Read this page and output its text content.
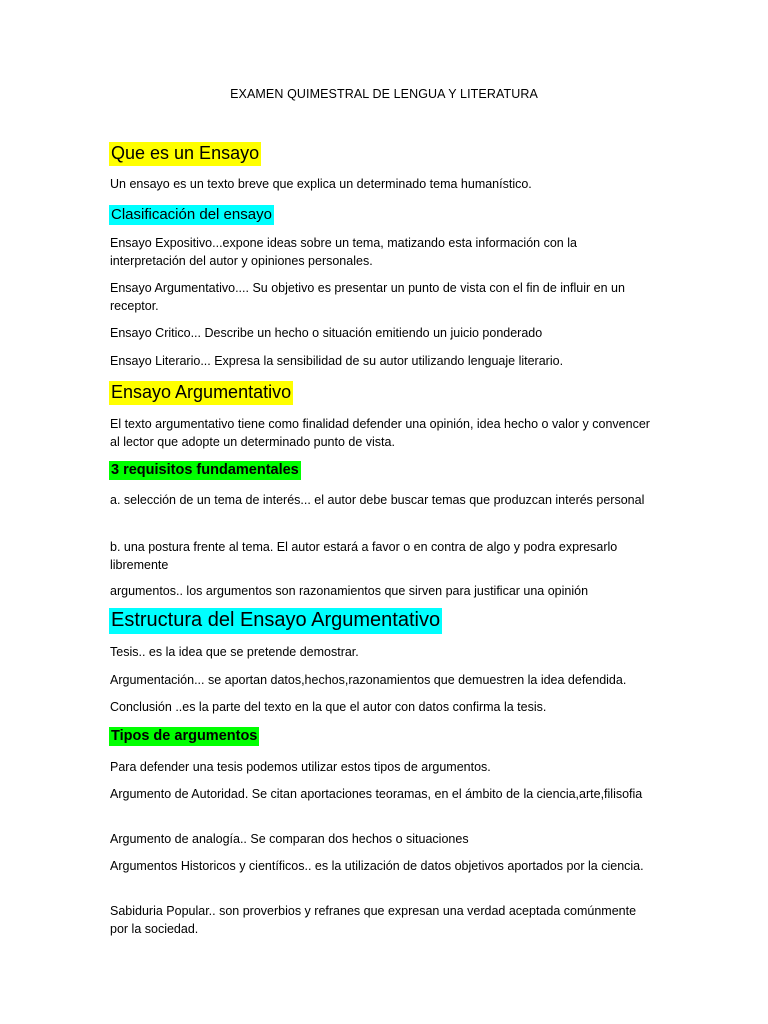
EXAMEN QUIMESTRAL DE LENGUA Y LITERATURA
Que es un Ensayo
Un ensayo es un texto breve que explica un determinado tema humanístico.
Clasificación del ensayo
Ensayo Expositivo...expone ideas sobre un tema, matizando esta información con la interpretación del autor y opiniones personales.
Ensayo Argumentativo.... Su objetivo es presentar un punto de vista con el fin de influir en un receptor.
Ensayo Critico... Describe un hecho o situación emitiendo un juicio ponderado
Ensayo Literario... Expresa la sensibilidad de su autor utilizando lenguaje literario.
Ensayo Argumentativo
El texto argumentativo tiene como finalidad defender una opinión, idea hecho o valor y convencer al lector que adopte un determinado punto de vista.
3 requisitos fundamentales
a. selección de un tema de interés... el autor debe buscar temas que produzcan interés personal
b. una postura frente al tema. El autor estará a favor o en contra de algo y podra expresarlo libremente
argumentos.. los argumentos son razonamientos que sirven para justificar una opinión
Estructura del Ensayo Argumentativo
Tesis.. es la idea que se pretende demostrar.
Argumentación... se aportan datos,hechos,razonamientos que demuestren la idea defendida.
Conclusión ..es la parte del texto en la que el autor con datos confirma la tesis.
Tipos de argumentos
Para defender una tesis podemos utilizar estos tipos de argumentos.
Argumento de Autoridad. Se citan aportaciones teoramas, en el ámbito de la ciencia,arte,filisofia
Argumento de analogía.. Se comparan dos hechos o situaciones
Argumentos Historicos y científicos.. es la utilización de datos objetivos aportados por la ciencia.
Sabiduria Popular.. son proverbios y refranes que expresan una verdad aceptada comúnmente por la sociedad.
